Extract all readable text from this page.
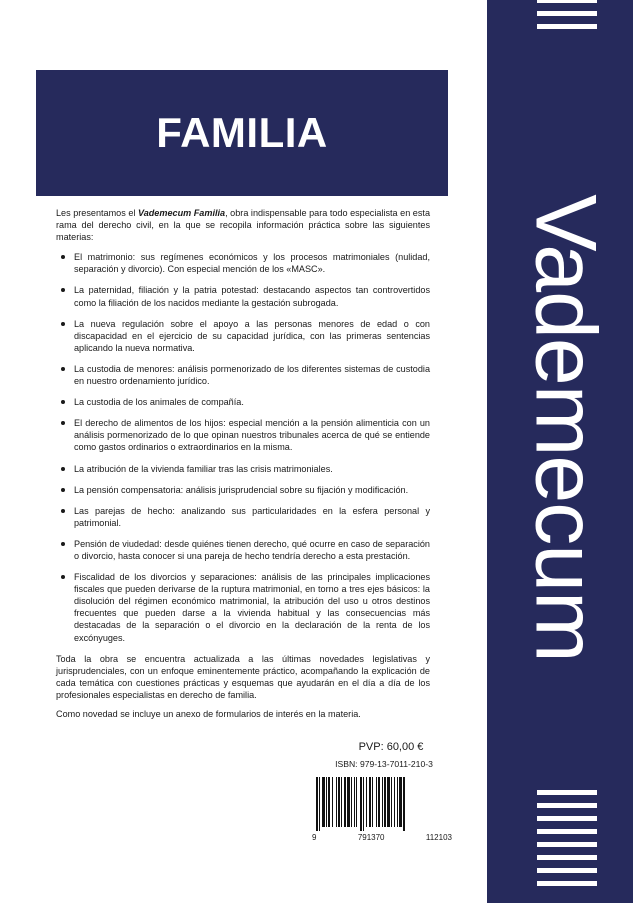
Vademecum
FAMILIA

Les presentamos el Vademecum Familia, obra indispensable para todo especialista en esta rama del derecho civil, en la que se recopila información práctica sobre las siguientes materias:

El matrimonio: sus regímenes económicos y los procesos matrimoniales (nulidad, separación y divorcio). Con especial mención de los «MASC».
La paternidad, filiación y la patria potestad: destacando aspectos tan controvertidos como la filiación de los nacidos mediante la gestación subrogada.
La nueva regulación sobre el apoyo a las personas menores de edad o con discapacidad en el ejercicio de su capacidad jurídica, con las primeras sentencias aplicando la nueva normativa.
La custodia de menores: análisis pormenorizado de los diferentes sistemas de custodia en nuestro ordenamiento jurídico.
La custodia de los animales de compañía.
El derecho de alimentos de los hijos: especial mención a la pensión alimenticia con un análisis pormenorizado de lo que opinan nuestros tribunales acerca de qué se entiende como gastos ordinarios o extraordinarios en la misma.
La atribución de la vivienda familiar tras las crisis matrimoniales.
La pensión compensatoria: análisis jurisprudencial sobre su fijación y modificación.
Las parejas de hecho: analizando sus particularidades en la esfera personal y patrimonial.
Pensión de viudedad: desde quiénes tienen derecho, qué ocurre en caso de separación o divorcio, hasta conocer si una pareja de hecho tendría derecho a esta prestación.
Fiscalidad de los divorcios y separaciones: análisis de las principales implicaciones fiscales que pueden derivarse de la ruptura matrimonial, en torno a tres ejes básicos: la disolución del régimen económico matrimonial, la atribución del uso u otros destinos frecuentes que pueden darse a la vivienda habitual y las consecuencias más destacadas de la separación o el divorcio en la declaración de la renta de los excónyuges.

Toda la obra se encuentra actualizada a las últimas novedades legislativas y jurisprudenciales, con un enfoque eminentemente práctico, acompañando la explicación de cada temática con cuestiones prácticas y esquemas que ayudarán en el día a día de los profesionales especialistas en derecho de familia.

Como novedad se incluye un anexo de formularios de interés en la materia.

PVP: 60,00 €
ISBN: 979-13-7011-210-3
9	791370	112103
